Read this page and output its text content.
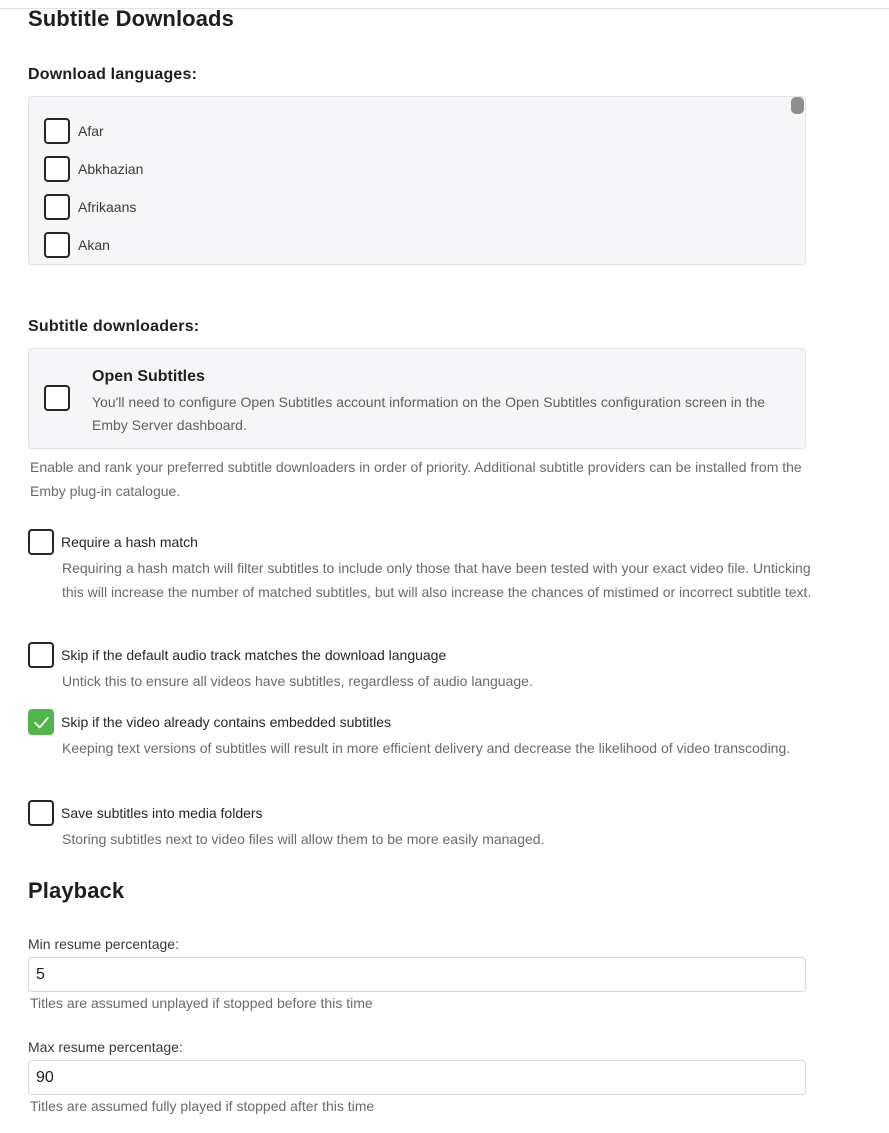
Subtitle Downloads
Download languages:
Afar
Abkhazian
Afrikaans
Akan
Subtitle downloaders:
Open Subtitles
You'll need to configure Open Subtitles account information on the Open Subtitles configuration screen in the Emby Server dashboard.
Enable and rank your preferred subtitle downloaders in order of priority. Additional subtitle providers can be installed from the Emby plug-in catalogue.
Require a hash match
Requiring a hash match will filter subtitles to include only those that have been tested with your exact video file. Unticking this will increase the number of matched subtitles, but will also increase the chances of mistimed or incorrect subtitle text.
Skip if the default audio track matches the download language
Untick this to ensure all videos have subtitles, regardless of audio language.
Skip if the video already contains embedded subtitles
Keeping text versions of subtitles will result in more efficient delivery and decrease the likelihood of video transcoding.
Save subtitles into media folders
Storing subtitles next to video files will allow them to be more easily managed.
Playback
Min resume percentage:
5
Titles are assumed unplayed if stopped before this time
Max resume percentage:
90
Titles are assumed fully played if stopped after this time
